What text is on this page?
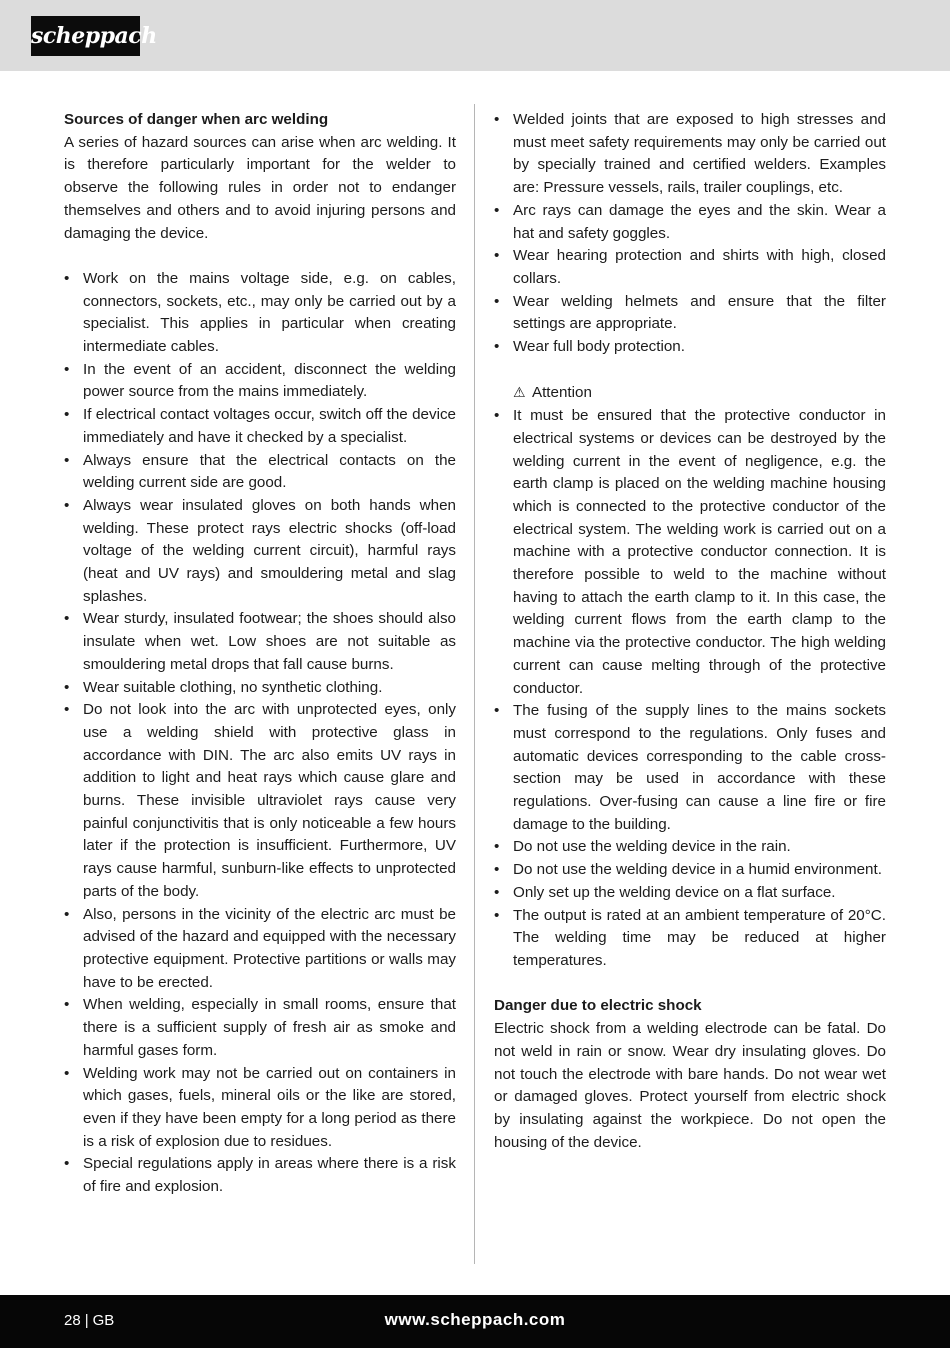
scheppach

Sources of danger when arc welding

A series of hazard sources can arise when arc welding. It is therefore particularly important for the welder to observe the following rules in order not to endanger themselves and others and to avoid injuring persons and damaging the device.

• Work on the mains voltage side, e.g. on cables, connectors, sockets, etc., may only be carried out by a specialist. This applies in particular when creating intermediate cables.
• In the event of an accident, disconnect the welding power source from the mains immediately.
• If electrical contact voltages occur, switch off the device immediately and have it checked by a specialist.
• Always ensure that the electrical contacts on the welding current side are good.
• Always wear insulated gloves on both hands when welding. These protect rays electric shocks (off-load voltage of the welding current circuit), harmful rays (heat and UV rays) and smouldering metal and slag splashes.
• Wear sturdy, insulated footwear; the shoes should also insulate when wet. Low shoes are not suitable as smouldering metal drops that fall cause burns.
• Wear suitable clothing, no synthetic clothing.
• Do not look into the arc with unprotected eyes, only use a welding shield with protective glass in accordance with DIN. The arc also emits UV rays in addition to light and heat rays which cause glare and burns. These invisible ultraviolet rays cause very painful conjunctivitis that is only noticeable a few hours later if the protection is insufficient. Furthermore, UV rays cause harmful, sunburn-like effects to unprotected parts of the body.
• Also, persons in the vicinity of the electric arc must be advised of the hazard and equipped with the necessary protective equipment. Protective partitions or walls may have to be erected.
• When welding, especially in small rooms, ensure that there is a sufficient supply of fresh air as smoke and harmful gases form.
• Welding work may not be carried out on containers in which gases, fuels, mineral oils or the like are stored, even if they have been empty for a long period as there is a risk of explosion due to residues.
• Special regulations apply in areas where there is a risk of fire and explosion.
• Welded joints that are exposed to high stresses and must meet safety requirements may only be carried out by specially trained and certified welders. Examples are: Pressure vessels, rails, trailer couplings, etc.
• Arc rays can damage the eyes and the skin. Wear a hat and safety goggles.
• Wear hearing protection and shirts with high, closed collars.
• Wear welding helmets and ensure that the filter settings are appropriate.
• Wear full body protection.

⚠ Attention

• It must be ensured that the protective conductor in electrical systems or devices can be destroyed by the welding current in the event of negligence, e.g. the earth clamp is placed on the welding machine housing which is connected to the protective conductor of the electrical system. The welding work is carried out on a machine with a protective conductor connection. It is therefore possible to weld to the machine without having to attach the earth clamp to it. In this case, the welding current flows from the earth clamp to the machine via the protective conductor. The high welding current can cause melting through of the protective conductor.
• The fusing of the supply lines to the mains sockets must correspond to the regulations. Only fuses and automatic devices corresponding to the cable cross-section may be used in accordance with these regulations. Over-fusing can cause a line fire or fire damage to the building.
• Do not use the welding device in the rain.
• Do not use the welding device in a humid environment.
• Only set up the welding device on a flat surface.
• The output is rated at an ambient temperature of 20°C. The welding time may be reduced at higher temperatures.

Danger due to electric shock

Electric shock from a welding electrode can be fatal. Do not weld in rain or snow. Wear dry insulating gloves. Do not touch the electrode with bare hands. Do not wear wet or damaged gloves. Protect yourself from electric shock by insulating against the workpiece. Do not open the housing of the device.

28 | GB	www.scheppach.com
